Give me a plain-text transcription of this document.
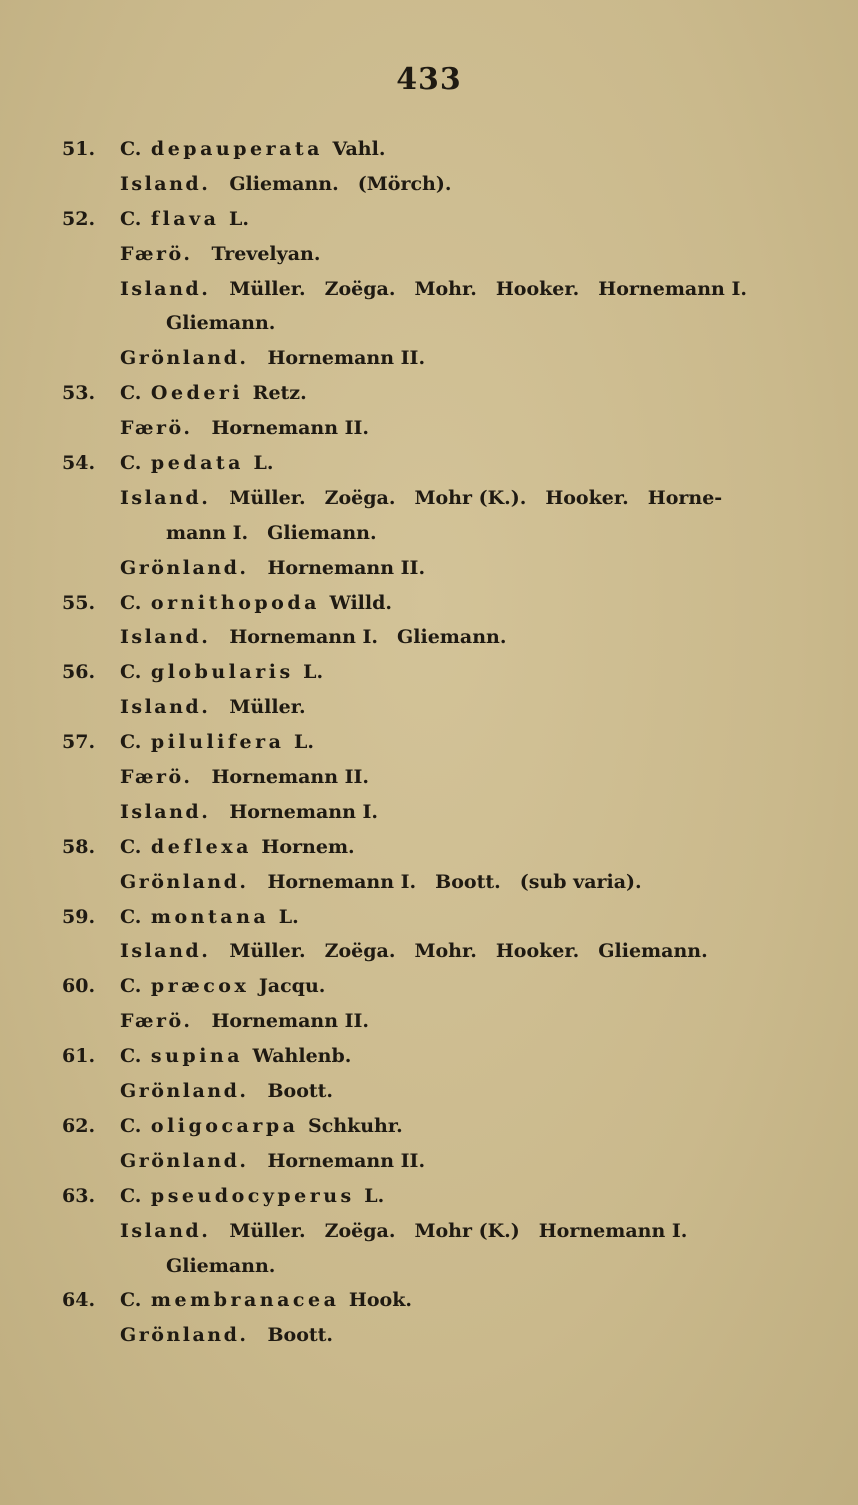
433
51. C.  depauperata  Vahl.
Island.  Gliemann.  (Mörch).
52. C.  flava  L.
Færö.  Trevelyan.
Island.  Müller.  Zoëga.  Mohr.  Hooker.  Hornemann I.
Gliemann.
Grönland.  Hornemann II.
53. C.  Oederi  Retz.
Færö.  Hornemann II.
54. C.  pedata  L.
Island.  Müller.  Zoëga.  Mohr (K.).  Hooker.  Horne-
mann I.  Gliemann.
Grönland.  Hornemann II.
55. C.  ornithopoda  Willd.
Island.  Hornemann I.  Gliemann.
56. C.  globularis  L.
Island.  Müller.
57. C.  pilulifera  L.
Færö.  Hornemann II.
Island.  Hornemann I.
58. C.  deflexa  Hornem.
Grönland.  Hornemann I.  Boott.  (sub varia).
59. C.  montana  L.
Island.  Müller.  Zoëga.  Mohr.  Hooker.  Gliemann.
60. C.  præcox  Jacqu.
Færö.  Hornemann II.
61. C.  supina  Wahlenb.
Grönland.  Boott.
62. C.  oligocarpa  Schkuhr.
Grönland.  Hornemann II.
63. C.  pseudocyperus  L.
Island.  Müller.  Zoëga.  Mohr (K.)  Hornemann I.
Gliemann.
64. C.  membranacea  Hook.
Grönland.  Boott.
